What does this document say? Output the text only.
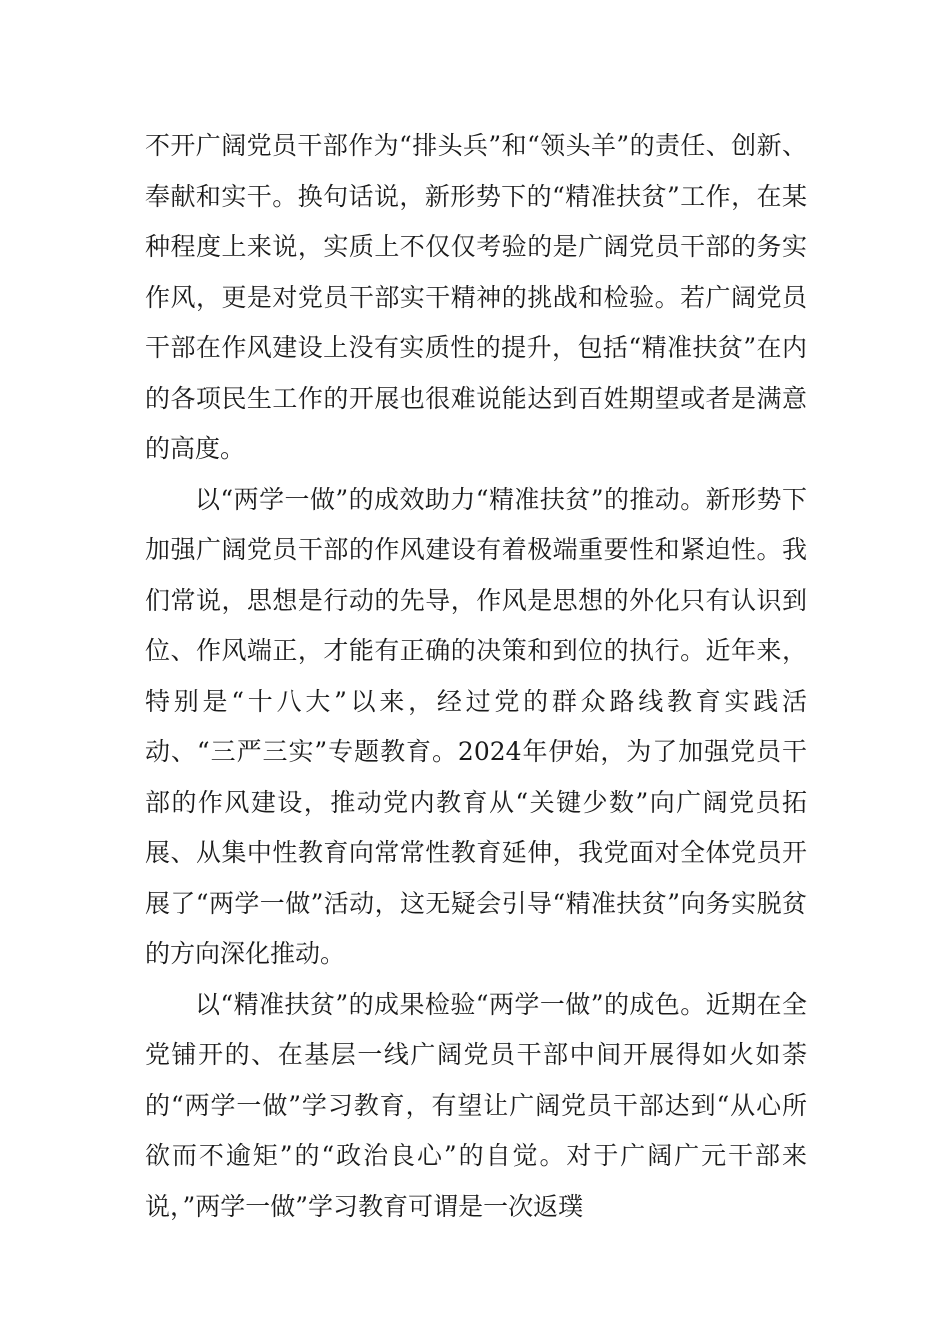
不开广阔党员干部作为“排头兵”和“领头羊”的责任、创新、奉献和实干。换句话说，新形势下的“精准扶贫”工作，在某种程度上来说，实质上不仅仅考验的是广阔党员干部的务实作风，更是对党员干部实干精神的挑战和检验。若广阔党员干部在作风建设上没有实质性的提升，包括“精准扶贫”在内的各项民生工作的开展也很难说能达到百姓期望或者是满意的高度。

以“两学一做”的成效助力“精准扶贫”的推动。新形势下加强广阔党员干部的作风建设有着极端重要性和紧迫性。我们常说，思想是行动的先导，作风是思想的外化只有认识到位、作风端正，才能有正确的决策和到位的执行。近年来，特别是“十八大”以来，经过党的群众路线教育实践活动、“三严三实”专题教育。2024年伊始，为了加强党员干部的作风建设，推动党内教育从“关键少数”向广阔党员拓展、从集中性教育向常常性教育延伸，我党面对全体党员开展了“两学一做”活动，这无疑会引导“精准扶贫”向务实脱贫的方向深化推动。

以“精准扶贫”的成果检验“两学一做”的成色。近期在全党铺开的、在基层一线广阔党员干部中间开展得如火如荼的“两学一做”学习教育，有望让广阔党员干部达到“从心所欲而不逾矩”的“政治良心”的自觉。对于广阔广元干部来说，”两学一做”学习教育可谓是一次返璞
